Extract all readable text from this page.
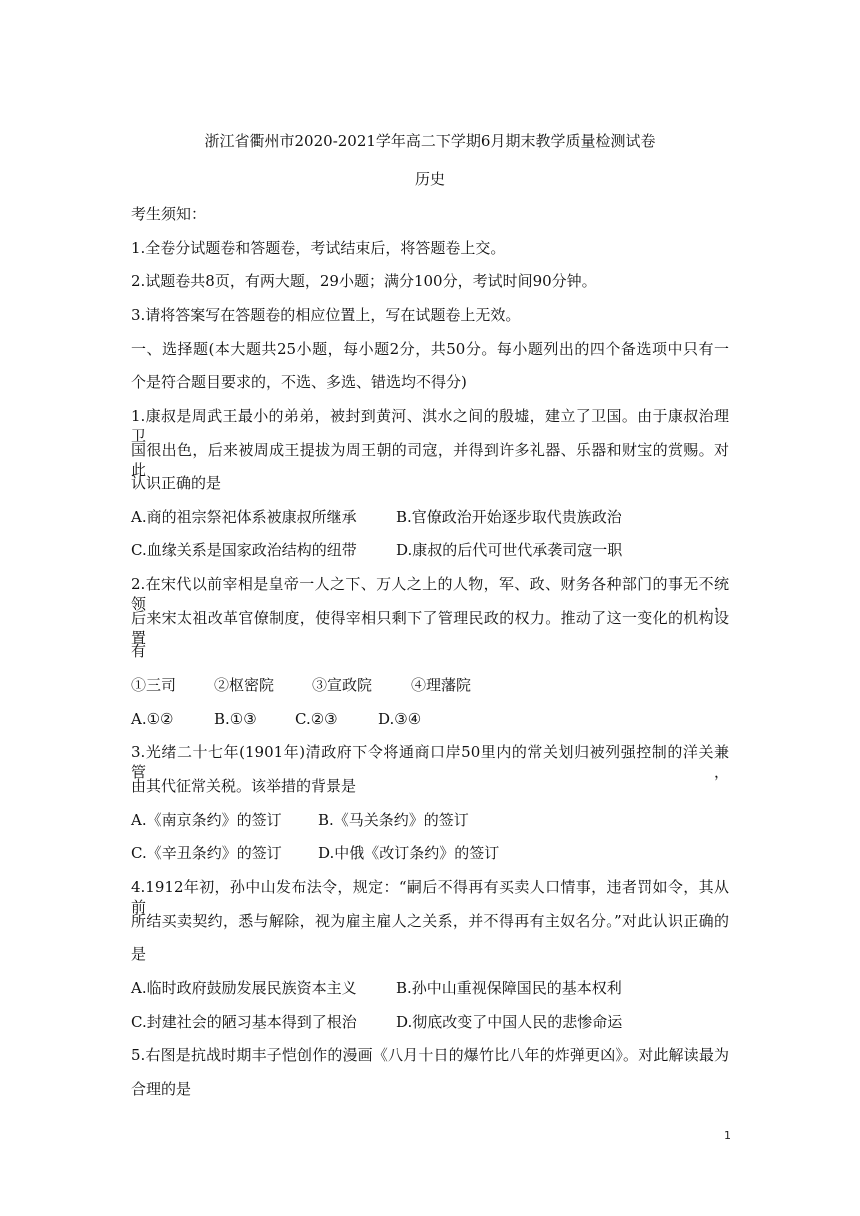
浙江省衢州市2020-2021学年高二下学期6月期末教学质量检测试卷
历史
考生须知：
1.全卷分试题卷和答题卷，考试结束后，将答题卷上交。
2.试题卷共8页，有两大题，29小题；满分100分，考试时间90分钟。
3.请将答案写在答题卷的相应位置上，写在试题卷上无效。
一、选择题(本大题共25小题，每小题2分，共50分。每小题列出的四个备选项中只有一
个是符合题目要求的，不选、多选、错选均不得分)
1.康叔是周武王最小的弟弟，被封到黄河、淇水之间的殷墟，建立了卫国。由于康叔治理卫
国很出色，后来被周成王提拔为周王朝的司寇，并得到许多礼器、乐器和财宝的赏赐。对此
认识正确的是
A.商的祖宗祭祀体系被康叔所继承	B.官僚政治开始逐步取代贵族政治
C.血缘关系是国家政治结构的纽带	D.康叔的后代可世代承袭司寇一职
2.在宋代以前宰相是皇帝一人之下、万人之上的人物，军、政、财务各种部门的事无不统领，
后来宋太祖改革官僚制度，使得宰相只剩下了管理民政的权力。推动了这一变化的机构设置
有
①三司	②枢密院	③宣政院	④理藩院
A.①②	B.①③	C.②③	D.③④
3.光绪二十七年(1901年)清政府下令将通商口岸50里内的常关划归被列强控制的洋关兼管，
由其代征常关税。该举措的背景是
A.《南京条约》的签订 B.《马关条约》的签订
C.《辛丑条约》的签订 D.中俄《改订条约》的签订
4.1912年初，孙中山发布法令，规定：“嗣后不得再有买卖人口情事，违者罚如令，其从前
所结买卖契约，悉与解除，视为雇主雇人之关系，并不得再有主奴名分。”对此认识正确的
是
A.临时政府鼓励发展民族资本主义	B.孙中山重视保障国民的基本权利
C.封建社会的陋习基本得到了根治	D.彻底改变了中国人民的悲惨命运
5.右图是抗战时期丰子恺创作的漫画《八月十日的爆竹比八年的炸弹更凶》。对此解读最为
合理的是
1
